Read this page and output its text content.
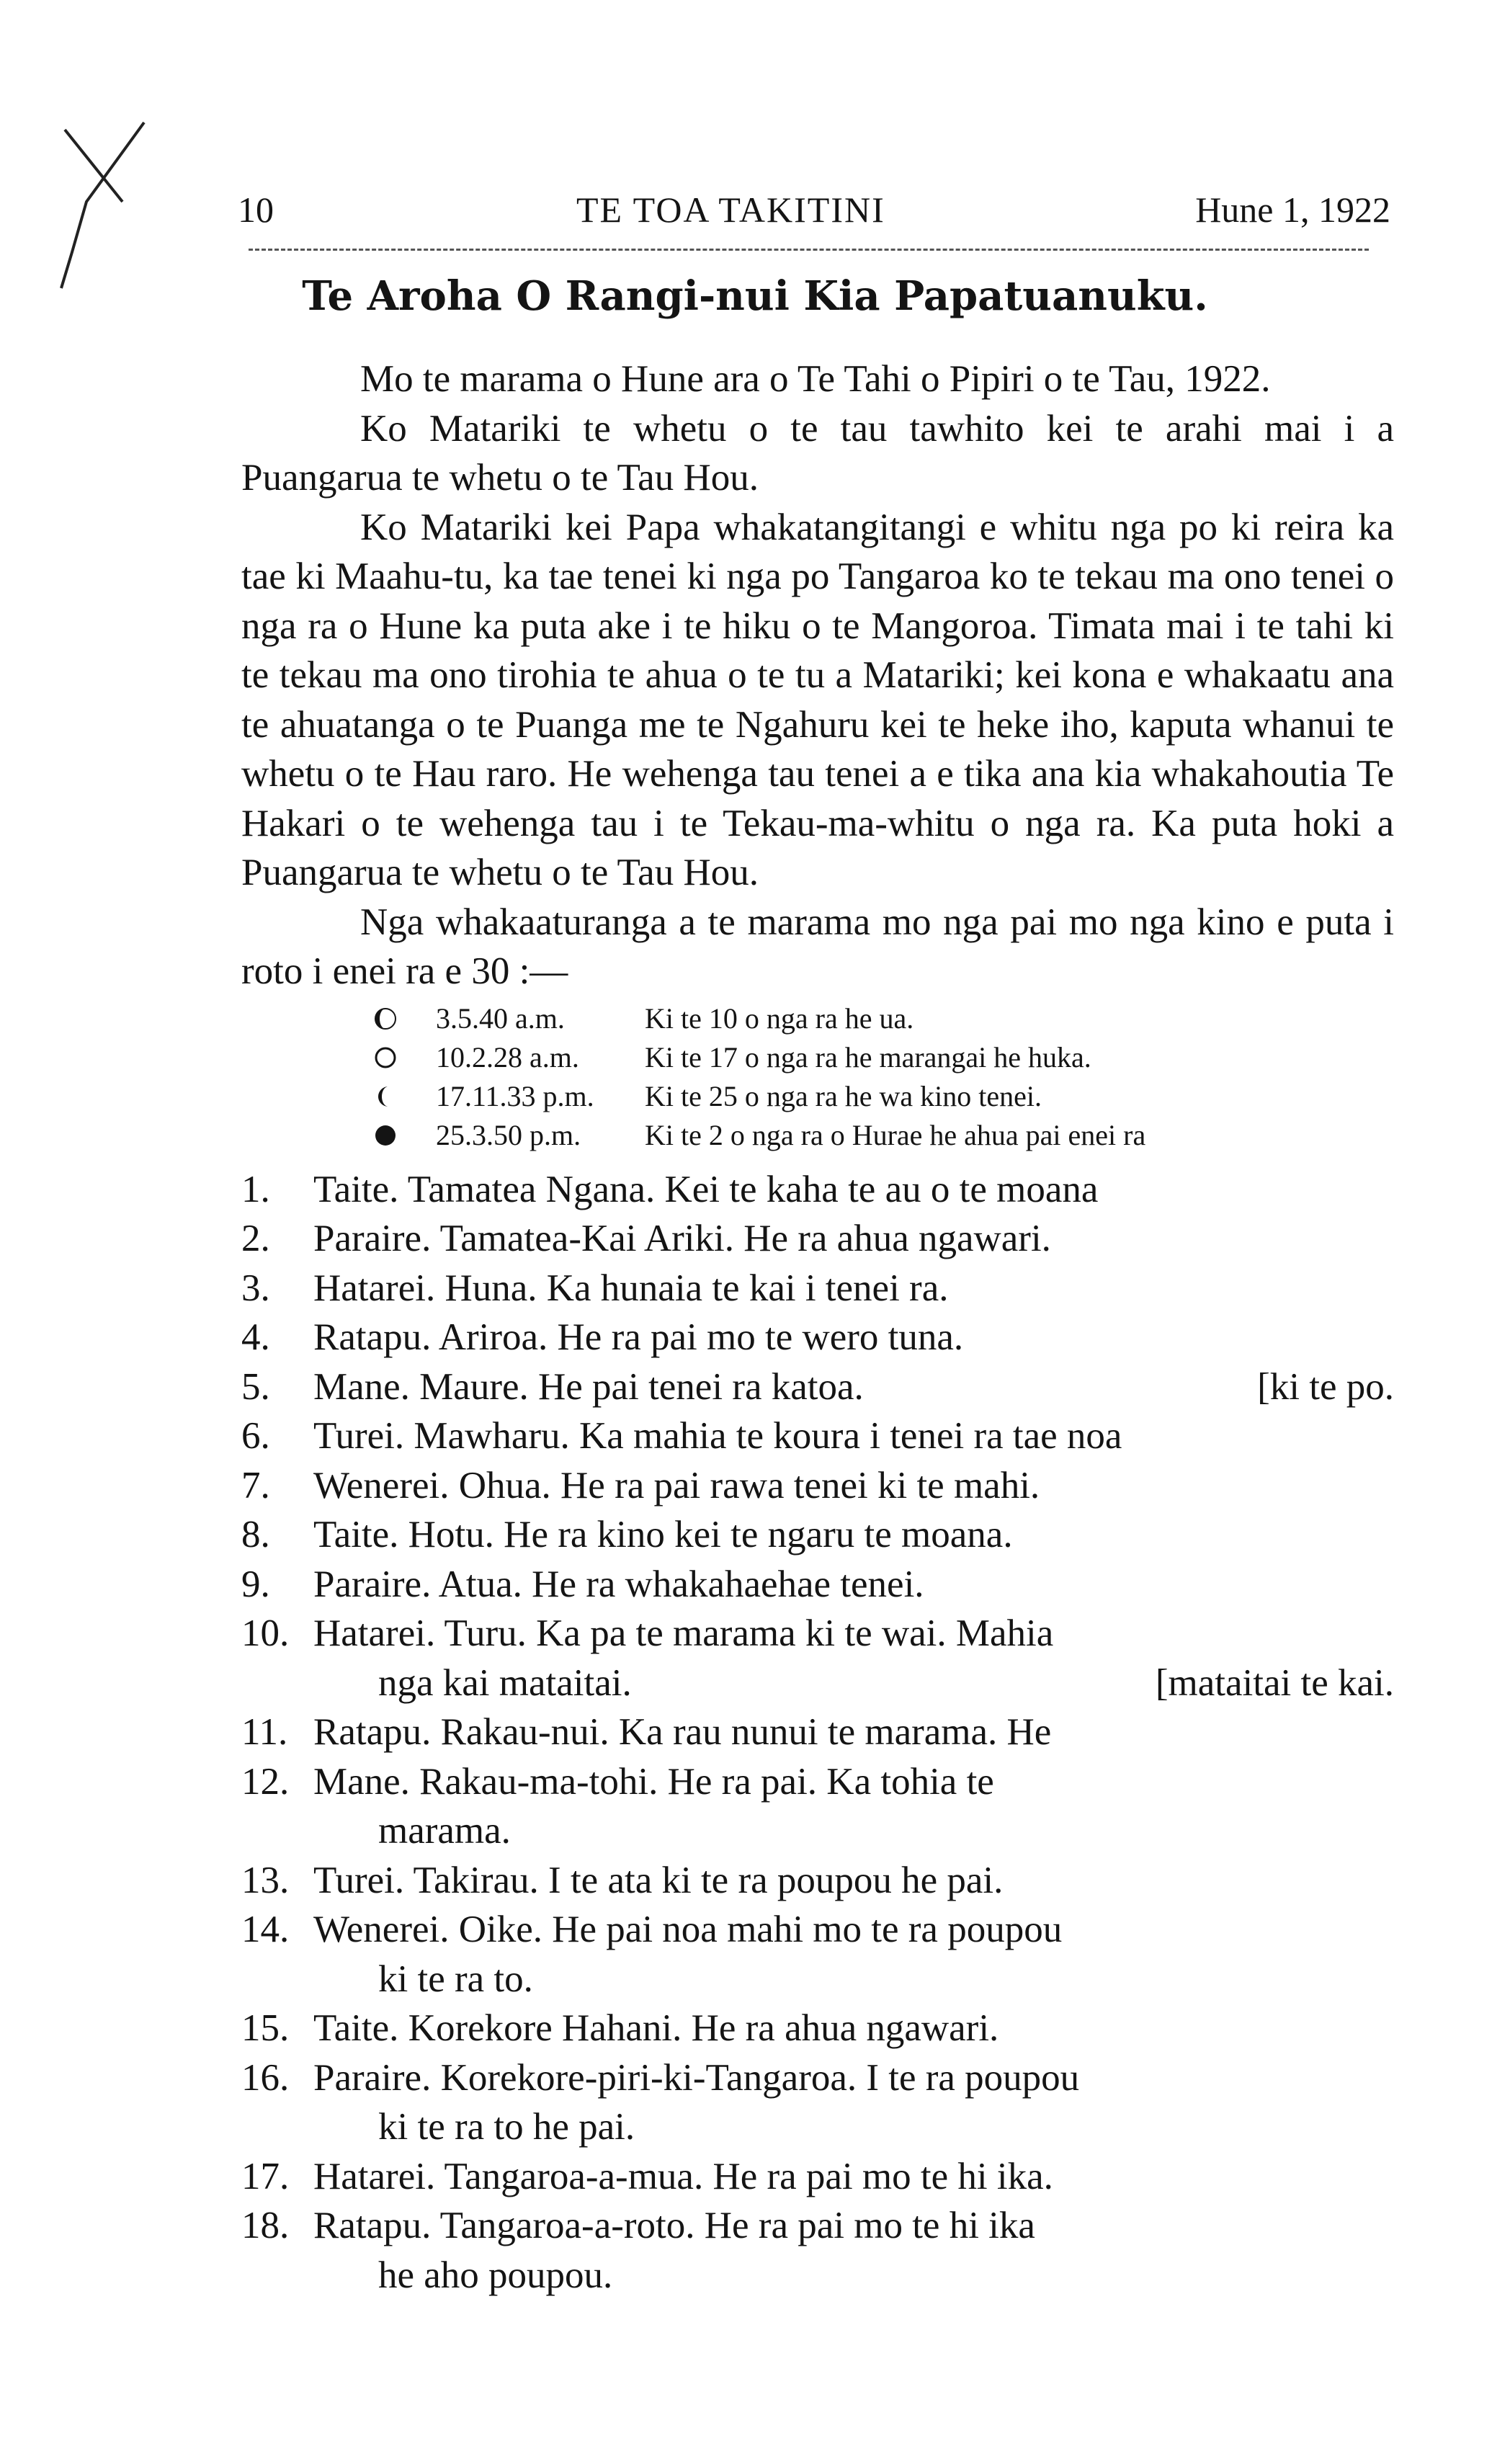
10	TE TOA TAKITINI	Hune 1, 1922
Te Aroha O Rangi-nui Kia Papatuanuku.

Mo te marama o Hune ara o Te Tahi o Pipiri o te Tau, 1922.

Ko Matariki te whetu o te tau tawhito kei te arahi mai i a Puangarua te whetu o te Tau Hou.

Ko Matariki kei Papa whakatangitangi e whitu nga po ki reira ka tae ki Maahu-tu, ka tae tenei ki nga po Tangaroa ko te tekau ma ono tenei o nga ra o Hune ka puta ake i te hiku o te Mangoroa. Timata mai i te tahi ki te tekau ma ono tirohia te ahua o te tu a Matariki; kei kona e whakaatu ana te ahuatanga o te Puanga me te Ngahuru kei te heke iho, kaputa whanui te whetu o te Hau raro. He wehenga tau tenei a e tika ana kia whakahoutia Te Hakari o te wehenga tau i te Tekau-ma-whitu o nga ra. Ka puta hoki a Puangarua te whetu o te Tau Hou.

Nga whakaaturanga a te marama mo nga pai mo nga kino e puta i roto i enei ra e 30 :—

3.5.40 a.m.	Ki te 10 o nga ra he ua.
10.2.28 a.m.	Ki te 17 o nga ra he marangai he huka.
17.11.33 p.m.	Ki te 25 o nga ra he wa kino tenei.
25.3.50 p.m.	Ki te 2 o nga ra o Hurae he ahua pai enei ra
1.	Taite. Tamatea Ngana. Kei te kaha te au o te moana
2.	Paraire. Tamatea-Kai Ariki. He ra ahua ngawari.
3.	Hatarei. Huna. Ka hunaia te kai i tenei ra.
4.	Ratapu. Ariroa. He ra pai mo te wero tuna.
5.	Mane. Maure. He pai tenei ra katoa.	[ki te po.
6.	Turei. Mawharu. Ka mahia te koura i tenei ra tae noa
7.	Wenerei. Ohua. He ra pai rawa tenei ki te mahi.
8.	Taite. Hotu. He ra kino kei te ngaru te moana.
9.	Paraire. Atua. He ra whakahaehae tenei.
10. Hatarei. Turu. Ka pa te marama ki te wai. Mahia
nga kai mataitai.	[mataitai te kai.
11. Ratapu. Rakau-nui. Ka rau nunui te marama. He
12. Mane. Rakau-ma-tohi. He ra pai. Ka tohia te
marama.
13. Turei. Takirau. I te ata ki te ra poupou he pai.
14. Wenerei. Oike. He pai noa mahi mo te ra poupou
ki te ra to.
15. Taite. Korekore Hahani. He ra ahua ngawari.
16. Paraire. Korekore-piri-ki-Tangaroa. I te ra poupou
ki te ra to he pai.
17. Hatarei. Tangaroa-a-mua. He ra pai mo te hi ika.
18. Ratapu. Tangaroa-a-roto. He ra pai mo te hi ika
he aho poupou.
